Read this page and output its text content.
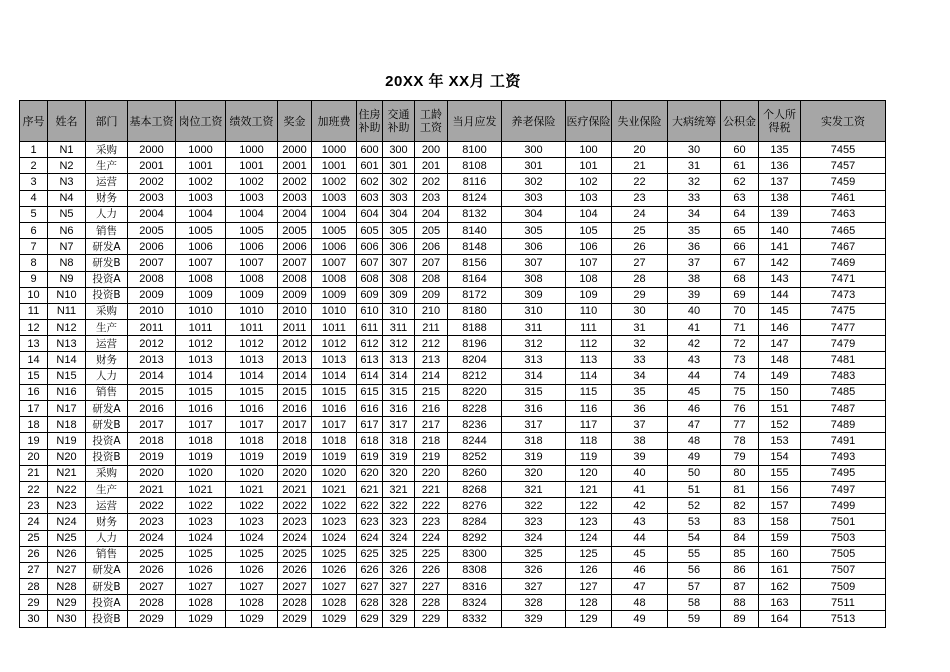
20XX 年 XX月 工资
序号	姓名	部门	基本工资	岗位工资	绩效工资	奖金	加班费	住房补助	交通补助	工龄工资	当月应发	养老保险	医疗保险	失业保险	大病统筹	公积金	个人所得税	实发工资
1	N1	采购	2000	1000	1000	2000	1000	600	300	200	8100	300	100	20	30	60	135	7455
2	N2	生产	2001	1001	1001	2001	1001	601	301	201	8108	301	101	21	31	61	136	7457
3	N3	运营	2002	1002	1002	2002	1002	602	302	202	8116	302	102	22	32	62	137	7459
4	N4	财务	2003	1003	1003	2003	1003	603	303	203	8124	303	103	23	33	63	138	7461
5	N5	人力	2004	1004	1004	2004	1004	604	304	204	8132	304	104	24	34	64	139	7463
6	N6	销售	2005	1005	1005	2005	1005	605	305	205	8140	305	105	25	35	65	140	7465
7	N7	研发A	2006	1006	1006	2006	1006	606	306	206	8148	306	106	26	36	66	141	7467
8	N8	研发B	2007	1007	1007	2007	1007	607	307	207	8156	307	107	27	37	67	142	7469
9	N9	投资A	2008	1008	1008	2008	1008	608	308	208	8164	308	108	28	38	68	143	7471
10	N10	投资B	2009	1009	1009	2009	1009	609	309	209	8172	309	109	29	39	69	144	7473
11	N11	采购	2010	1010	1010	2010	1010	610	310	210	8180	310	110	30	40	70	145	7475
12	N12	生产	2011	1011	1011	2011	1011	611	311	211	8188	311	111	31	41	71	146	7477
13	N13	运营	2012	1012	1012	2012	1012	612	312	212	8196	312	112	32	42	72	147	7479
14	N14	财务	2013	1013	1013	2013	1013	613	313	213	8204	313	113	33	43	73	148	7481
15	N15	人力	2014	1014	1014	2014	1014	614	314	214	8212	314	114	34	44	74	149	7483
16	N16	销售	2015	1015	1015	2015	1015	615	315	215	8220	315	115	35	45	75	150	7485
17	N17	研发A	2016	1016	1016	2016	1016	616	316	216	8228	316	116	36	46	76	151	7487
18	N18	研发B	2017	1017	1017	2017	1017	617	317	217	8236	317	117	37	47	77	152	7489
19	N19	投资A	2018	1018	1018	2018	1018	618	318	218	8244	318	118	38	48	78	153	7491
20	N20	投资B	2019	1019	1019	2019	1019	619	319	219	8252	319	119	39	49	79	154	7493
21	N21	采购	2020	1020	1020	2020	1020	620	320	220	8260	320	120	40	50	80	155	7495
22	N22	生产	2021	1021	1021	2021	1021	621	321	221	8268	321	121	41	51	81	156	7497
23	N23	运营	2022	1022	1022	2022	1022	622	322	222	8276	322	122	42	52	82	157	7499
24	N24	财务	2023	1023	1023	2023	1023	623	323	223	8284	323	123	43	53	83	158	7501
25	N25	人力	2024	1024	1024	2024	1024	624	324	224	8292	324	124	44	54	84	159	7503
26	N26	销售	2025	1025	1025	2025	1025	625	325	225	8300	325	125	45	55	85	160	7505
27	N27	研发A	2026	1026	1026	2026	1026	626	326	226	8308	326	126	46	56	86	161	7507
28	N28	研发B	2027	1027	1027	2027	1027	627	327	227	8316	327	127	47	57	87	162	7509
29	N29	投资A	2028	1028	1028	2028	1028	628	328	228	8324	328	128	48	58	88	163	7511
30	N30	投资B	2029	1029	1029	2029	1029	629	329	229	8332	329	129	49	59	89	164	7513
